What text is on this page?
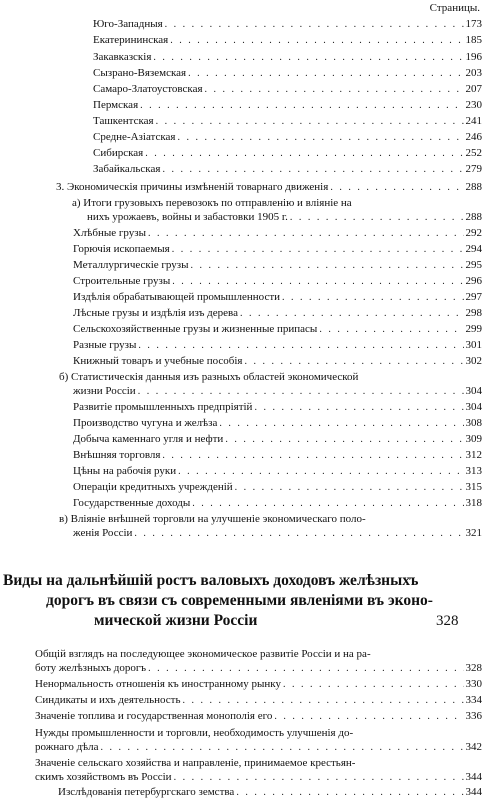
Страницы.
Юго-Западныя . . .	173
Екатерининская . . .	185
Закавказскiя . . .	196
Сызрано-Вяземская . . .	203
Самаро-Златоустовская . . .	207
Пермская . . .	230
Ташкентская . . .	241
Средне-Азiатская . . .	246
Сибирская . . .	252
Забайкальская . . .	279
3. Экономическiя причины измѣненiй товарнаго движенiя . . .	288
а) Итоги грузовыхъ перевозокъ по отправленiю и влiянiе на
нихъ урожаевъ, войны и забастовки 1905 г. . . .	288
Хлѣбные грузы . . .	292
Горючiя ископаемыя . . .	294
Металлургическiе грузы . . .	295
Строительные грузы . . .	296
Издѣлiя обрабатывающей промышленности . . .	297
Лѣсные грузы и издѣлiя изъ дерева . . .	298
Сельскохозяйственные грузы и жизненные припасы . . .	299
Разные грузы . . .	301
Книжный товаръ и учебные пособiя . . .	302
б) Статистическiя данныя изъ разныхъ областей экономической
жизни Россiи . . .	304
Развитiе промышленныхъ предпрiятiй . . .	304
Производство чугуна и желѣза . . .	308
Добыча каменнаго угля и нефти . . .	309
Внѣшняя торговля . . .	312
Цѣны на рабочiя руки . . .	313
Операцiи кредитныхъ учрежденiй . . .	315
Государственные доходы . . .	318
в) Влiянiе внѣшней торговли на улучшенiе экономическаго поло-
женiя Россiи . . .	321
Виды на дальнѣйшiй ростъ валовыхъ доходовъ желѣзныхъ
дорогъ въ связи съ современными явленiями въ эконо-
мической жизни Россiи	328
Общiй взглядъ на последующее экономическое развитiе Россiи и на ра-
боту желѣзныхъ дорогъ . . .	328
Ненормальность отношенiя къ иностранному рынку . . .	330
Синдикаты и ихъ деятельность . . .	334
Значенiе топлива и государственная монополiя его . . .	336
Нужды промышленности и торговли, необходимость улучшенiя до-
рожнаго дѣла . . .	342
Значенiе сельскаго хозяйства и направленiе, принимаемое крестьян-
скимъ хозяйствомъ въ Россiи . . .	344
Изслѣдованiя петербургскаго земства . . .	344
